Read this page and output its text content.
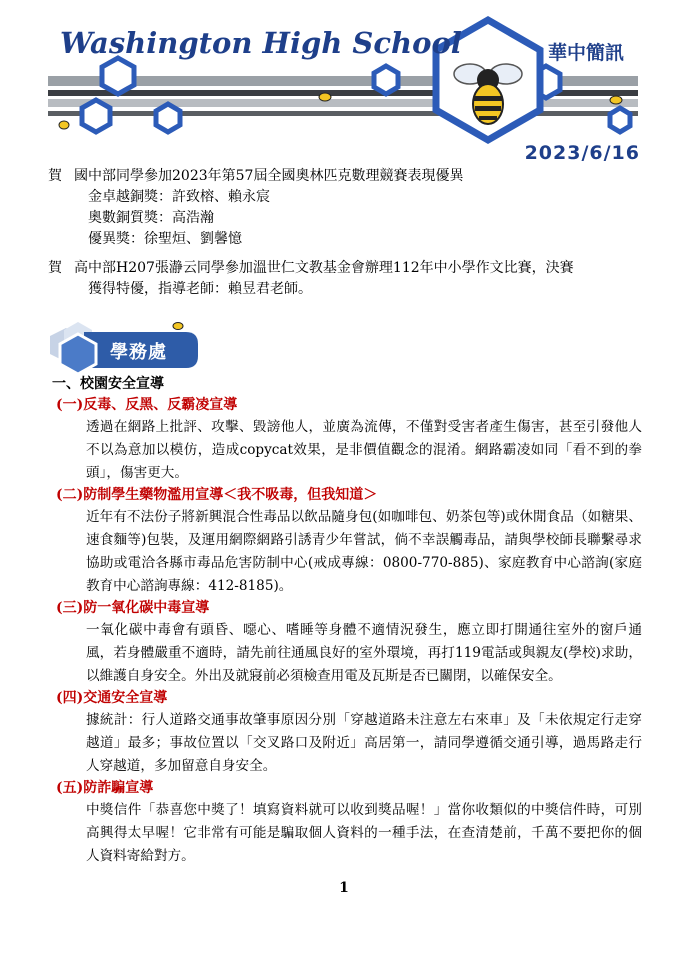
Washington High School	華中簡訊
2023/6/16
賀 國中部同學參加2023年第57屆全國奧林匹克數理競賽表現優異
金卓越銅獎：許致榕、賴永宸
奧數銅質獎：高浩瀚
優異獎：徐聖烜、劉馨憶
賀 高中部H207張瀞云同學參加溫世仁文教基金會辦理112年中小學作文比賽，決賽
獲得特優，指導老師：賴昱君老師。
學務處

一、校園安全宣導

(一)反毒、反黑、反霸凌宣導
透過在網路上批評、攻擊、毀謗他人，並廣為流傳，不僅對受害者產生傷害，甚至引發他人不以為意加以模仿，造成copycat效果，是非價值觀念的混淆。網路霸凌如同「看不到的拳頭」，傷害更大。
(二)防制學生藥物濫用宣導＜我不吸毒，但我知道＞
近年有不法份子將新興混合性毒品以飲品隨身包(如咖啡包、奶茶包等)或休閒食品（如糖果、速食麵等)包裝，及運用網際網路引誘青少年嘗試，倘不幸誤觸毒品，請與學校師長聯繫尋求協助或電洽各縣市毒品危害防制中心(戒成專線：0800-770-885)、家庭教育中心諮詢(家庭教育中心諮詢專線：412-8185)。
(三)防一氧化碳中毒宣導
一氧化碳中毒會有頭昏、噁心、嗜睡等身體不適情況發生，應立即打開通往室外的窗戶通風，若身體嚴重不適時，請先前往通風良好的室外環境，再打119電話或與親友(學校)求助，以維護自身安全。外出及就寢前必須檢查用電及瓦斯是否已關閉，以確保安全。
(四)交通安全宣導
據統計：行人道路交通事故肇事原因分別「穿越道路未注意左右來車」及「未依規定行走穿越道」最多；事故位置以「交叉路口及附近」高居第一，請同學遵循交通引導，過馬路走行人穿越道，多加留意自身安全。
(五)防詐騙宣導
中獎信件「恭喜您中獎了！填寫資料就可以收到獎品喔！」當你收類似的中獎信件時，可別高興得太早喔！它非常有可能是騙取個人資料的一種手法，在查清楚前，千萬不要把你的個人資料寄給對方。
1
